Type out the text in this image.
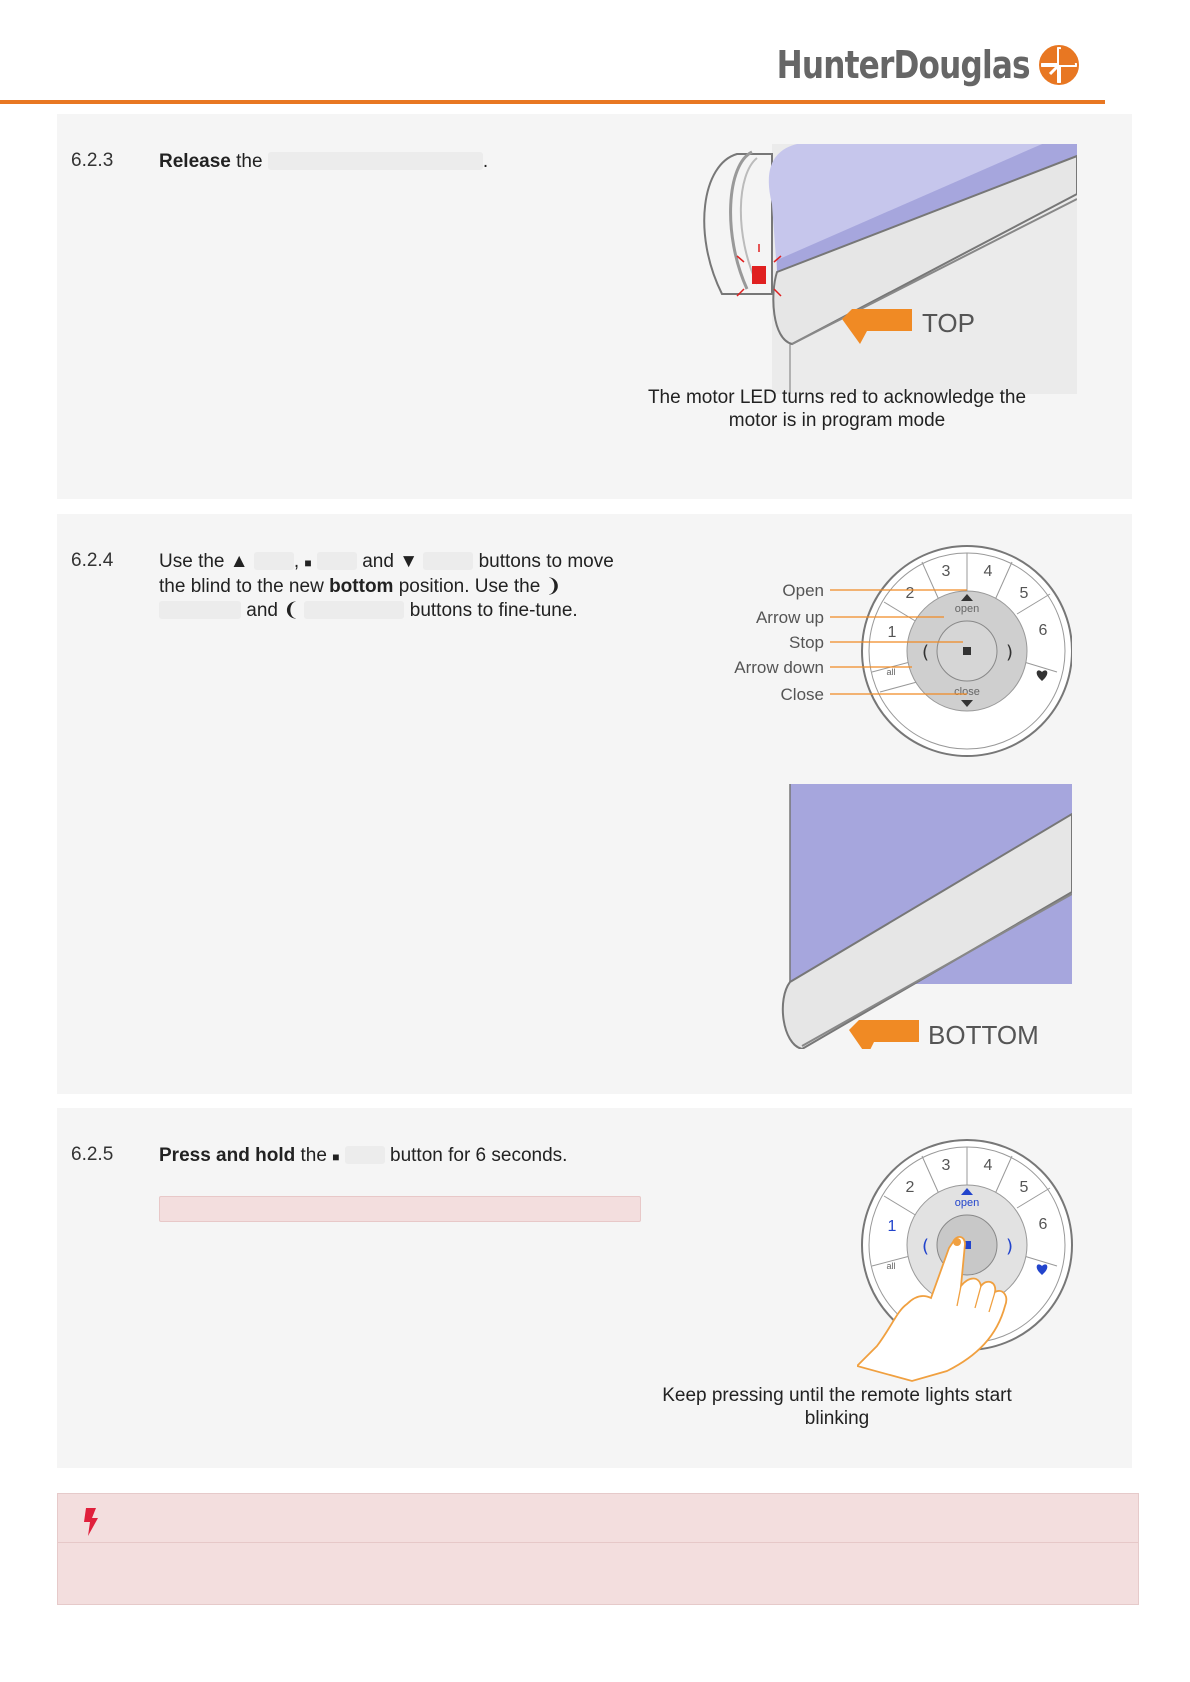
HunterDouglas
6.2.3 Release the	.
TOP
The motor LED turns red to acknowledge the motor is in program mode
6.2.4 Use the ▲ , ■  and ▼	buttons to move the blind to the new bottom position. Use the ❩  and ❨	buttons to fine-tune.
1
2
3 4
5
6
open
close
all
(	)
Open
Arrow up
Stop
Arrow down
Close
BOTTOM
6.2.5 Press and hold the ■  button for 6 seconds.
1
2
3 4
5
6
open
all
(	)
Keep pressing until the remote lights start blinking
